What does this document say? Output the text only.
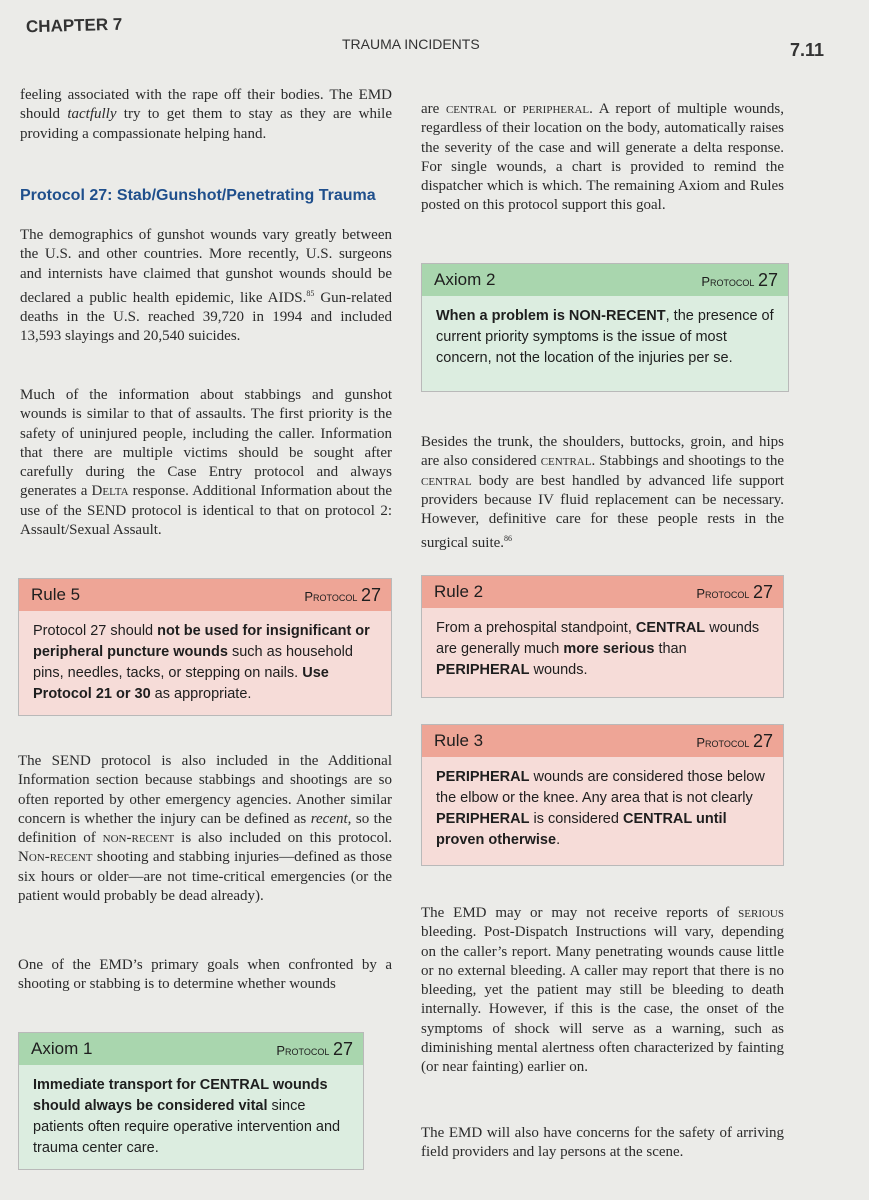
CHAPTER 7
TRAUMA INCIDENTS	7.11

feeling associated with the rape off their bodies. The EMD should tactfully try to get them to stay as they are while providing a compassionate helping hand.

Protocol 27: Stab/Gunshot/Penetrating Trauma

The demographics of gunshot wounds vary greatly between the U.S. and other countries. More recently, U.S. surgeons and internists have claimed that gunshot wounds should be declared a public health epidemic, like AIDS.$^{85}$ Gun-related deaths in the U.S. reached 39,720 in 1994 and included 13,593 slayings and 20,540 suicides.

Much of the information about stabbings and gunshot wounds is similar to that of assaults. The first priority is the safety of uninjured people, including the caller. Information that there are multiple victims should be sought after carefully during the Case Entry protocol and always generates a Delta response. Additional Information about the use of the SEND protocol is identical to that on protocol 2: Assault/Sexual Assault.

Rule 5	Protocol 27
Protocol 27 should not be used for insignificant or peripheral puncture wounds such as household pins, needles, tacks, or stepping on nails. Use Protocol 21 or 30 as appropriate.

The SEND protocol is also included in the Additional Information section because stabbings and shootings are so often reported by other emergency agencies. Another similar concern is whether the injury can be defined as recent, so the definition of non-recent is also included on this protocol. Non-recent shooting and stabbing injuries—defined as those six hours or older—are not time-critical emergencies (or the patient would probably be dead already).

One of the EMD’s primary goals when confronted by a shooting or stabbing is to determine whether wounds

Axiom 1	Protocol 27
Immediate transport for CENTRAL wounds should always be considered vital since patients often require operative intervention and trauma center care.

are central or peripheral. A report of multiple wounds, regardless of their location on the body, automatically raises the severity of the case and will generate a delta response. For single wounds, a chart is provided to remind the dispatcher which is which. The remaining Axiom and Rules posted on this protocol support this goal.

Axiom 2	Protocol 27
When a problem is NON-RECENT, the presence of current priority symptoms is the issue of most concern, not the location of the injuries per se.

Besides the trunk, the shoulders, buttocks, groin, and hips are also considered central. Stabbings and shootings to the central body are best handled by advanced life support providers because IV fluid replacement can be necessary. However, definitive care for these people rests in the surgical suite.$^{86}$

Rule 2	Protocol 27
From a prehospital standpoint, CENTRAL wounds are generally much more serious than PERIPHERAL wounds.
Rule 3	Protocol 27
PERIPHERAL wounds are considered those below the elbow or the knee. Any area that is not clearly PERIPHERAL is considered CENTRAL until proven otherwise.

The EMD may or may not receive reports of serious bleeding. Post-Dispatch Instructions will vary, depending on the caller’s report. Many penetrating wounds cause little or no external bleeding. A caller may report that there is no bleeding, yet the patient may still be bleeding to death internally. However, if this is the case, the onset of the symptoms of shock will serve as a warning, such as diminishing mental alertness often characterized by fainting (or near fainting) earlier on.

The EMD will also have concerns for the safety of arriving field providers and lay persons at the scene.
